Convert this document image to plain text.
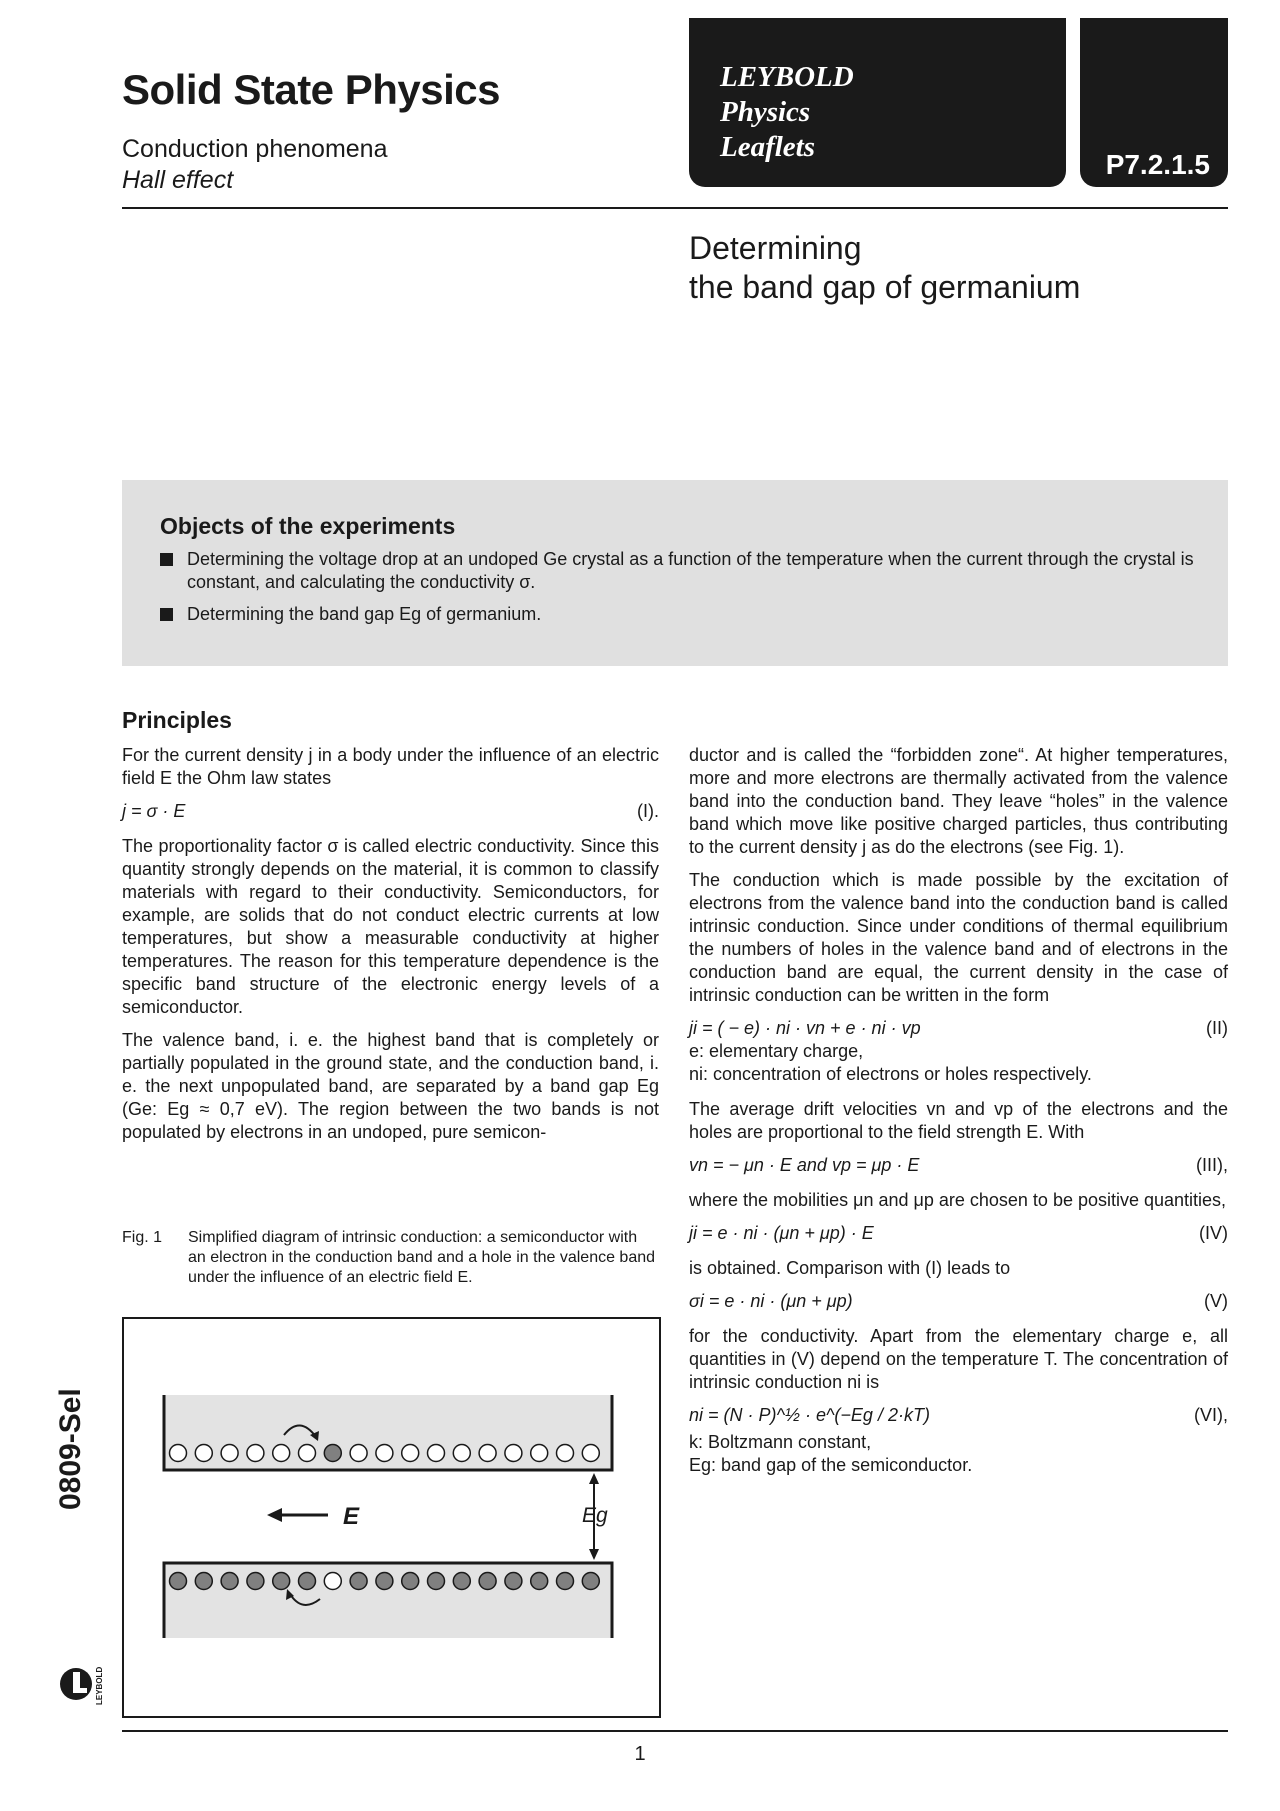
Solid State Physics
Conduction phenomena
Hall effect
LEYBOLD
Physics
Leaflets
P7.2.1.5
Determining
the band gap of germanium
Objects of the experiments
Determining the voltage drop at an undoped Ge crystal as a function of the temperature when the current through the crystal is constant, and calculating the conductivity σ.
Determining the band gap Eg of germanium.
Principles

For the current density j in a body under the influence of an electric field E the Ohm law states

j = σ · E	(I).

The proportionality factor σ is called electric conductivity. Since this quantity strongly depends on the material, it is common to classify materials with regard to their conductivity. Semiconductors, for example, are solids that do not conduct electric currents at low temperatures, but show a measurable conductivity at higher temperatures. The reason for this temperature dependence is the specific band structure of the electronic energy levels of a semiconductor.

The valence band, i. e. the highest band that is completely or partially populated in the ground state, and the conduction band, i. e. the next unpopulated band, are separated by a band gap Eg (Ge: Eg ≈ 0,7 eV). The region between the two bands is not populated by electrons in an undoped, pure semicon-

Fig. 1	Simplified diagram of intrinsic conduction: a semiconductor with an electron in the conduction band and a hole in the valence band under the influence of an electric field E.
E	Eg

ductor and is called the “forbidden zone“. At higher temperatures, more and more electrons are thermally activated from the valence band into the conduction band. They leave “holes” in the valence band which move like positive charged particles, thus contributing to the current density j as do the electrons (see Fig. 1).

The conduction which is made possible by the excitation of electrons from the valence band into the conduction band is called intrinsic conduction. Since under conditions of thermal equilibrium the numbers of holes in the valence band and of electrons in the conduction band are equal, the current density in the case of intrinsic conduction can be written in the form

ji = ( − e) · ni · vn + e · ni · vp	(II)
e: elementary charge,
ni: concentration of electrons or holes respectively.

The average drift velocities vn and vp of the electrons and the holes are proportional to the field strength E. With

vn = − μn · E and vp = μp · E	(III),

where the mobilities μn and μp are chosen to be positive quantities,

ji = e · ni · (μn + μp) · E	(IV)

is obtained. Comparison with (I) leads to

σi = e · ni · (μn + μp)	(V)

for the conductivity. Apart from the elementary charge e, all quantities in (V) depend on the temperature T. The concentration of intrinsic conduction ni is

ni = (N · P)^½ · e^(−Eg / 2·kT)	(VI),
k: Boltzmann constant,
Eg: band gap of the semiconductor.
0809-Sel
LEYBOLD
1
